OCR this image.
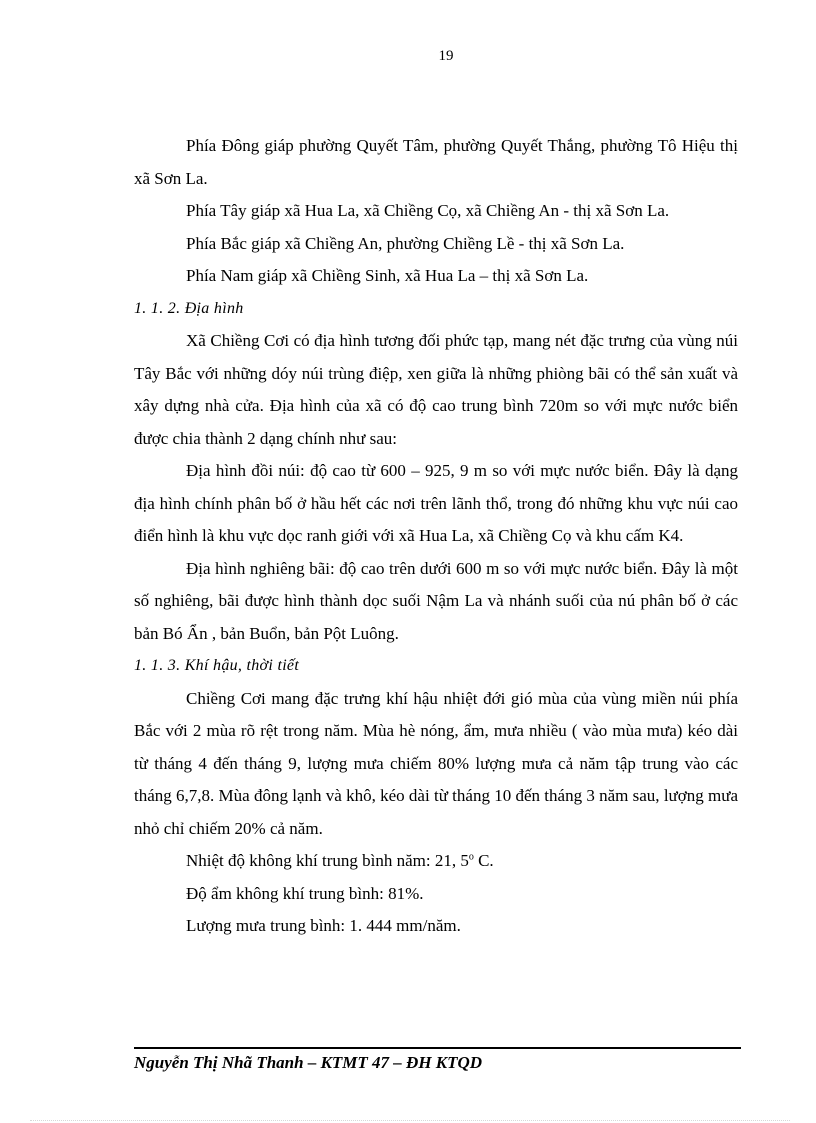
19

Phía Đông giáp phường Quyết Tâm, phường Quyết Thắng, phường Tô Hiệu thị xã Sơn La.

Phía Tây giáp xã Hua La, xã Chiềng Cọ, xã Chiềng An - thị xã Sơn La.

Phía Bắc giáp xã Chiềng An, phường Chiềng Lề - thị xã Sơn La.

Phía Nam giáp xã Chiềng Sinh, xã Hua La – thị xã Sơn La.

1. 1. 2. Địa hình

Xã Chiềng Cơi có địa hình tương đối phức tạp, mang nét đặc trưng của vùng núi Tây Bắc với những dóy núi trùng điệp, xen giữa là những phiòng bãi có thể sản xuất và xây dựng nhà cửa. Địa hình của xã có độ cao trung bình 720m so với mực nước biển được chia thành 2 dạng chính như sau:

Địa hình đồi núi: độ cao từ 600 – 925, 9 m so với mực nước biển. Đây là dạng địa hình chính phân bố ở hầu hết các nơi trên lãnh thổ, trong đó những khu vực núi cao điển hình là khu vực dọc ranh giới với xã Hua La, xã Chiềng Cọ và khu cấm K4.

Địa hình nghiêng bãi: độ cao trên dưới 600 m so với mực nước biển. Đây là một số nghiêng, bãi được hình thành dọc suối Nậm La và nhánh suối của nú phân bố ở các bản Bó Ẩn , bản Buổn, bản Pột Luông.

1. 1. 3. Khí hậu, thời tiết

Chiềng Cơi mang đặc trưng khí hậu nhiệt đới gió mùa của vùng miền núi phía Bắc với 2 mùa rõ rệt trong năm. Mùa hè nóng, ẩm, mưa nhiều ( vào mùa mưa) kéo dài từ tháng 4 đến tháng 9, lượng mưa chiếm 80% lượng mưa cả năm tập trung vào các tháng 6,7,8. Mùa đông lạnh và khô, kéo dài từ tháng 10 đến tháng 3 năm sau, lượng mưa nhỏ chỉ chiếm 20% cả năm.

Nhiệt độ không khí trung bình năm: 21, 5$^o$ C.

Độ ẩm không khí trung bình: 81%.

Lượng mưa trung bình: 1. 444 mm/năm.

Nguyễn Thị Nhã Thanh – KTMT 47 – ĐH KTQD
